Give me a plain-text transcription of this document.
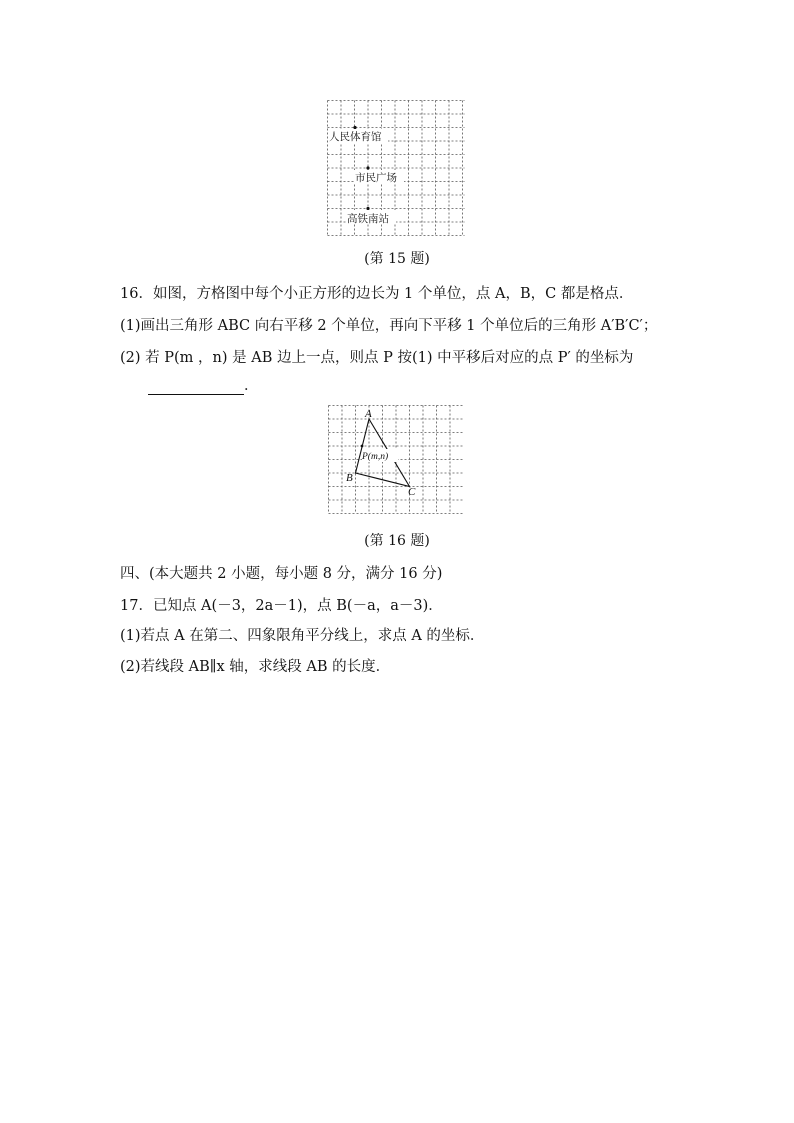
人民体育馆
市民广场
高铁南站
(第 15 题)
16．如图，方格图中每个小正方形的边长为 1 个单位，点 A，B，C 都是格点．
(1)画出三角形 ABC 向右平移 2 个单位，再向下平移 1 个单位后的三角形 A′B′C′；
(2) 若 P(m ，n) 是 AB 边上一点，则点 P 按(1) 中平移后对应的点 P′ 的坐标为
．
A
B
C
P(m,n)
(第 16 题)
四、(本大题共 2 小题，每小题 8 分，满分 16 分)
17．已知点 A(－3，2a－1)，点 B(－a，a－3)．
(1)若点 A 在第二、四象限角平分线上，求点 A 的坐标．
(2)若线段 AB∥x 轴，求线段 AB 的长度．
